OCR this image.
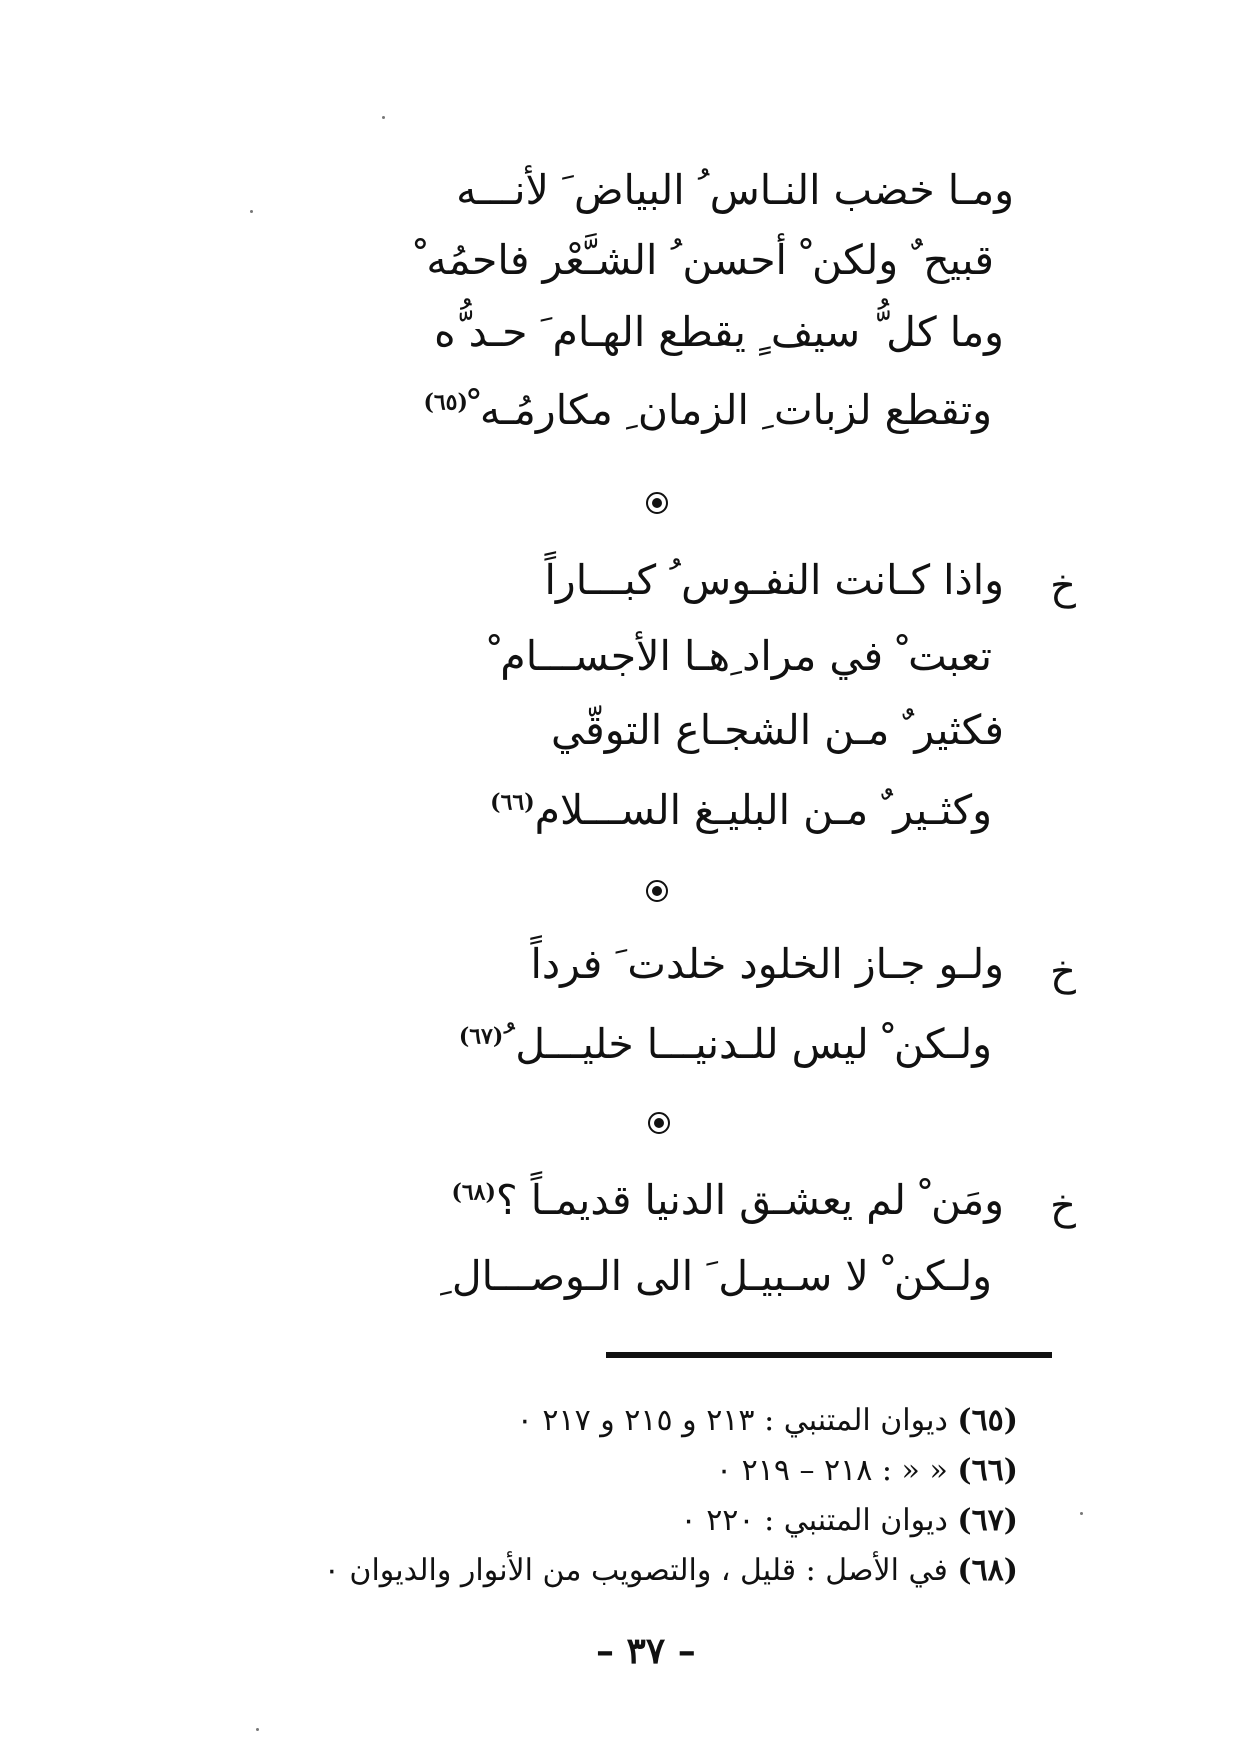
ومـا خضب النـاس ُ البياض َ لأنـــه
قبيح ٌ ولكن ْ أحسن ُ الشـَّعْر فاحمُه ْ
وما كل ُّ سيف ٍ يقطع الهـام َ حـد ُّه
وتقطع لزبات ِ الزمان ِ مكارمُـه ْ$^{(٦٥)}$
خ
واذا كـانت النفـوس ُ كبـــاراً
تعبت ْ في مراد ِهـا الأجســـام ْ
فكثير ٌ مـن الشجـاع التوقّي
وكثـير ٌ مـن البليـغ الســـلام$^{(٦٦)}$
خ
ولـو جـاز الخلود خلدت َ فرداً
ولـكن ْ ليس للـدنيـــا خليـــل ُ$^{(٦٧)}$
خ
ومَن ْ لم يعشـق الدنيا قديمـاً ؟$^{(٦٨)}$
ولـكن ْ لا سـبيـل َ الى الـوصـــال ِ
(٦٥) ديوان المتنبي : ٢١٣ و ٢١٥ و ٢١٧ ٠
(٦٦) « « : ٢١٨ – ٢١٩ ٠
(٦٧) ديوان المتنبي : ٢٢٠ ٠
(٦٨) في الأصل : قليل ، والتصويب من الأنوار والديوان ٠
– ٣٧ –
